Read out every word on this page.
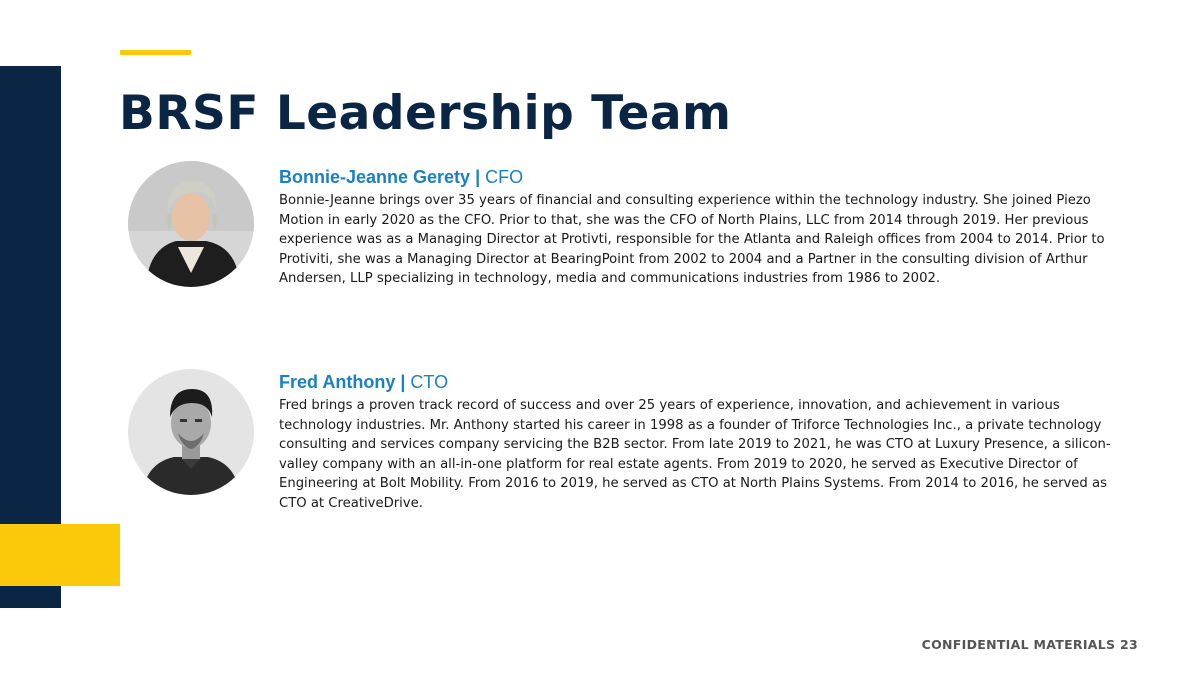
BRSF Leadership Team
Bonnie-Jeanne Gerety | CFO

Bonnie-Jeanne brings over 35 years of financial and consulting experience within the technology industry. She joined Piezo Motion in early 2020 as the CFO. Prior to that, she was the CFO of North Plains, LLC from 2014 through 2019. Her previous experience was as a Managing Director at Protivti, responsible for the Atlanta and Raleigh offices from 2004 to 2014. Prior to Protiviti, she was a Managing Director at BearingPoint from 2002 to 2004 and a Partner in the consulting division of Arthur Andersen, LLP specializing in technology, media and communications industries from 1986 to 2002.

Fred Anthony | CTO

Fred brings a proven track record of success and over 25 years of experience, innovation, and achievement in various technology industries. Mr. Anthony started his career in 1998 as a founder of Triforce Technologies Inc., a private technology consulting and services company servicing the B2B sector. From late 2019 to 2021, he was CTO at Luxury Presence, a silicon-valley company with an all-in-one platform for real estate agents. From 2019 to 2020, he served as Executive Director of Engineering at Bolt Mobility. From 2016 to 2019, he served as CTO at North Plains Systems. From 2014 to 2016, he served as CTO at CreativeDrive.

CONFIDENTIAL MATERIALS 23
